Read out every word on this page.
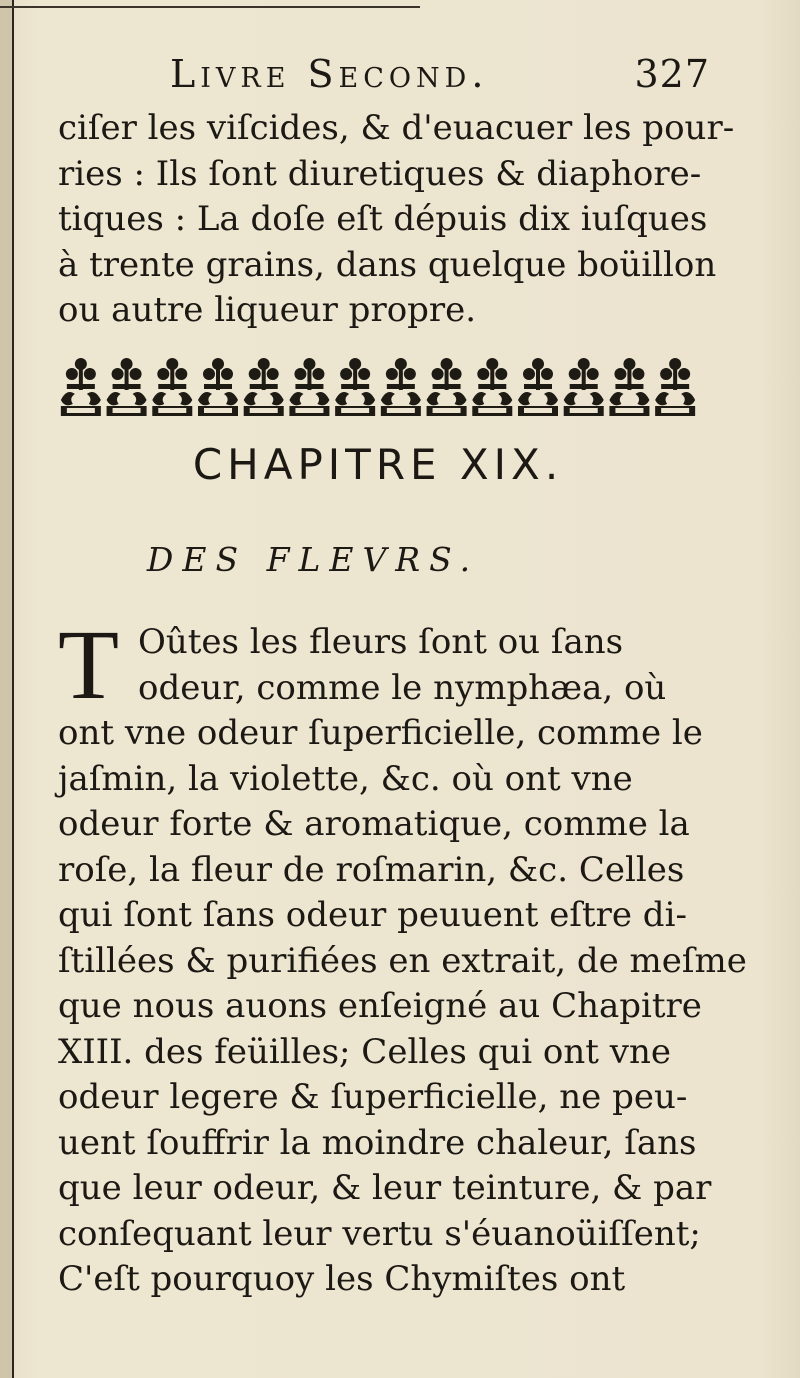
Livre Second.	327
ciſer les viſcides, & d'euacuer les pour-
ries : Ils ſont diuretiques & diaphore-
tiques : La doſe eſt dépuis dix iuſques
à trente grains, dans quelque boüillon
ou autre liqueur propre.
CHAPITRE XIX.
DES FLEVRS.
T Oûtes les fleurs ſont ou ſans
odeur, comme le nymphæa, où
ont vne odeur ſuperficielle, comme le
jaſmin, la violette, &c. où ont vne
odeur forte & aromatique, comme la
roſe, la fleur de roſmarin, &c. Celles
qui ſont ſans odeur peuuent eſtre di-
ſtillées & purifiées en extrait, de meſme
que nous auons enſeigné au Chapitre
XIII. des feüilles; Celles qui ont vne
odeur legere & ſuperficielle, ne peu-
uent ſouffrir la moindre chaleur, ſans
que leur odeur, & leur teinture, & par
conſequant leur vertu s'éuanoüiſſent;
C'eſt pourquoy les Chymiſtes ont
